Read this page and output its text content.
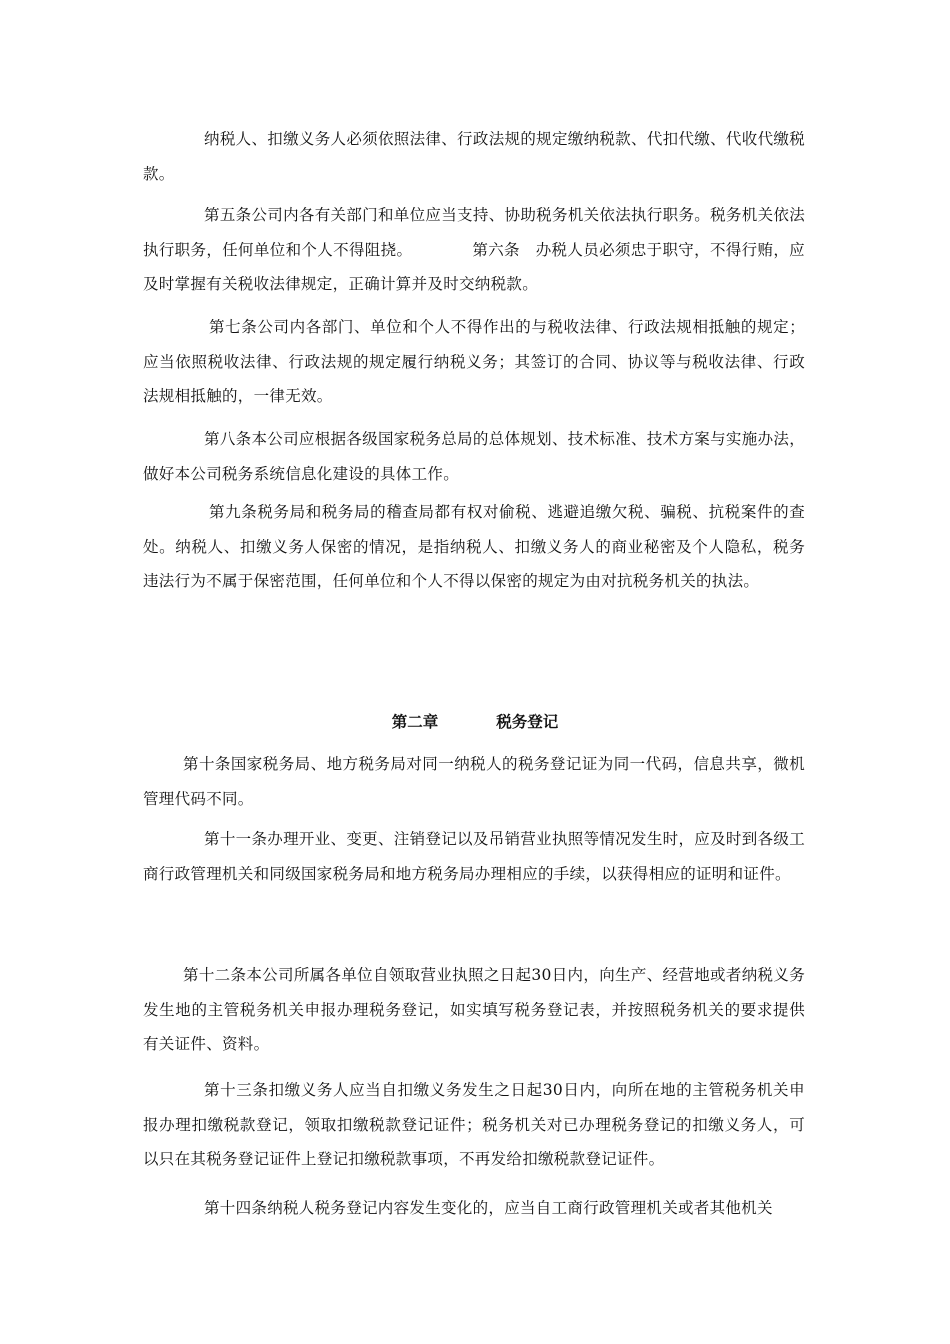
纳税人、扣缴义务人必须依照法律、行政法规的规定缴纳税款、代扣代缴、代收代缴税款。

第五条公司内各有关部门和单位应当支持、协助税务机关依法执行职务。税务机关依法执行职务，任何单位和个人不得阻挠。	第六条　办税人员必须忠于职守，不得行贿，应及时掌握有关税收法律规定，正确计算并及时交纳税款。

第七条公司内各部门、单位和个人不得作出的与税收法律、行政法规相抵触的规定；应当依照税收法律、行政法规的规定履行纳税义务；其签订的合同、协议等与税收法律、行政法规相抵触的，一律无效。

第八条本公司应根据各级国家税务总局的总体规划、技术标准、技术方案与实施办法，做好本公司税务系统信息化建设的具体工作。

第九条税务局和税务局的稽查局都有权对偷税、逃避追缴欠税、骗税、抗税案件的查处。纳税人、扣缴义务人保密的情况，是指纳税人、扣缴义务人的商业秘密及个人隐私，税务违法行为不属于保密范围，任何单位和个人不得以保密的规定为由对抗税务机关的执法。

第二章	税务登记

第十条国家税务局、地方税务局对同一纳税人的税务登记证为同一代码，信息共享，微机管理代码不同。

第十一条办理开业、变更、注销登记以及吊销营业执照等情况发生时，应及时到各级工商行政管理机关和同级国家税务局和地方税务局办理相应的手续，以获得相应的证明和证件。

第十二条本公司所属各单位自领取营业执照之日起30日内，向生产、经营地或者纳税义务发生地的主管税务机关申报办理税务登记，如实填写税务登记表，并按照税务机关的要求提供有关证件、资料。

第十三条扣缴义务人应当自扣缴义务发生之日起30日内，向所在地的主管税务机关申报办理扣缴税款登记，领取扣缴税款登记证件；税务机关对已办理税务登记的扣缴义务人，可以只在其税务登记证件上登记扣缴税款事项，不再发给扣缴税款登记证件。

第十四条纳税人税务登记内容发生变化的，应当自工商行政管理机关或者其他机关
